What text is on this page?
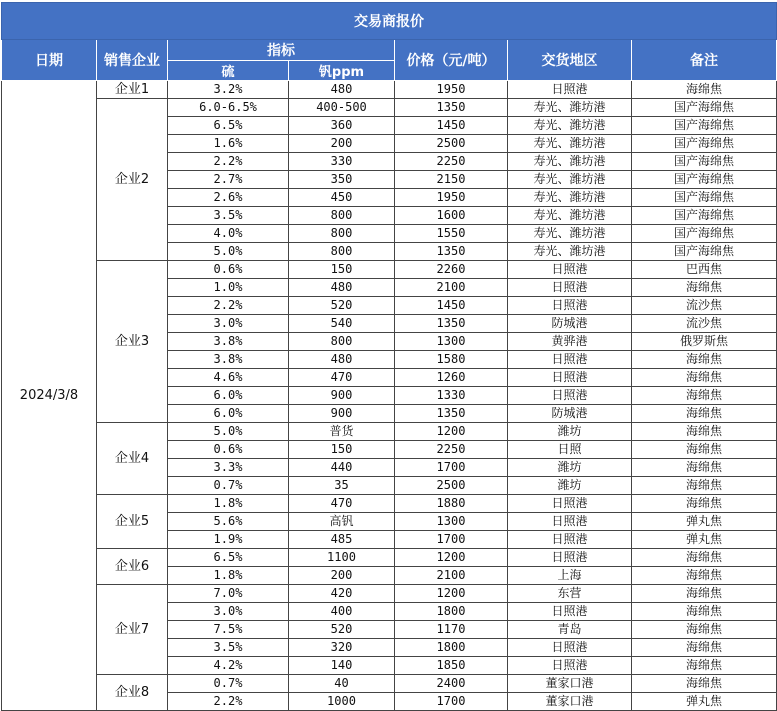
交易商报价						
日期	销售企业	指标		价格（元/吨）	交货地区	备注
		硫	钒ppm			
2024/3/8	企业1	3.2%	480	1950	日照港	海绵焦
	企业2	6.0-6.5%	400-500	1350	寿光、潍坊港	国产海绵焦
		6.5%	360	1450	寿光、潍坊港	国产海绵焦
		1.6%	200	2500	寿光、潍坊港	国产海绵焦
		2.2%	330	2250	寿光、潍坊港	国产海绵焦
		2.7%	350	2150	寿光、潍坊港	国产海绵焦
		2.6%	450	1950	寿光、潍坊港	国产海绵焦
		3.5%	800	1600	寿光、潍坊港	国产海绵焦
		4.0%	800	1550	寿光、潍坊港	国产海绵焦
		5.0%	800	1350	寿光、潍坊港	国产海绵焦
	企业3	0.6%	150	2260	日照港	巴西焦
		1.0%	480	2100	日照港	海绵焦
		2.2%	520	1450	日照港	流沙焦
		3.0%	540	1350	防城港	流沙焦
		3.8%	800	1300	黄骅港	俄罗斯焦
		3.8%	480	1580	日照港	海绵焦
		4.6%	470	1260	日照港	海绵焦
		6.0%	900	1330	日照港	海绵焦
		6.0%	900	1350	防城港	海绵焦
	企业4	5.0%	普货	1200	潍坊	海绵焦
		0.6%	150	2250	日照	海绵焦
		3.3%	440	1700	潍坊	海绵焦
		0.7%	35	2500	潍坊	海绵焦
	企业5	1.8%	470	1880	日照港	海绵焦
		5.6%	高钒	1300	日照港	弹丸焦
		1.9%	485	1700	日照港	弹丸焦
	企业6	6.5%	1100	1200	日照港	海绵焦
		1.8%	200	2100	上海	海绵焦
	企业7	7.0%	420	1200	东营	海绵焦
		3.0%	400	1800	日照港	海绵焦
		7.5%	520	1170	青岛	海绵焦
		3.5%	320	1800	日照港	海绵焦
		4.2%	140	1850	日照港	海绵焦
	企业8	0.7%	40	2400	董家口港	海绵焦
		2.2%	1000	1700	董家口港	弹丸焦
